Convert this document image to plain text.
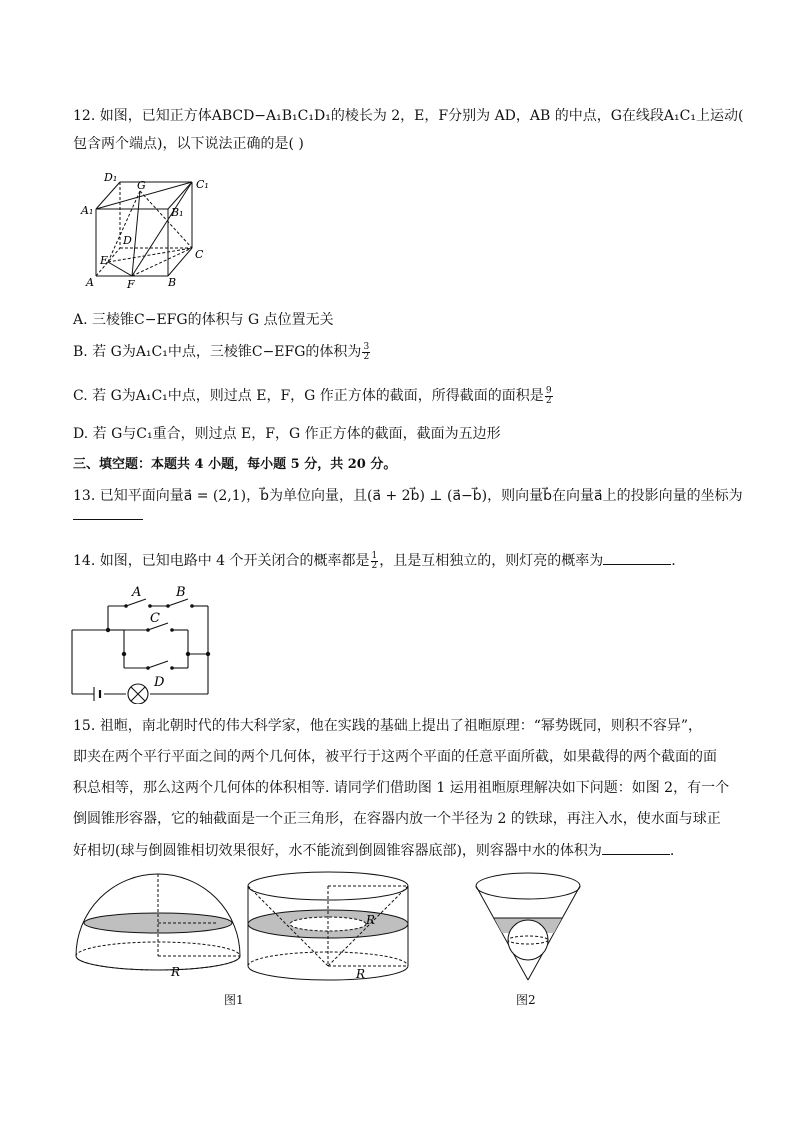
12. 如图，已知正方体ABCD−A₁B₁C₁D₁的棱长为 2，E，F分别为 AD，AB 的中点，G在线段A₁C₁上运动(
包含两个端点)，以下说法正确的是( )
D₁
G	C₁
A₁	B₁
D
C
E
A	F	B
A. 三棱锥C−EFG的体积与 G 点位置无关
B. 若 G为A₁C₁中点，三棱锥C−EFG的体积为 $\frac{3}{2}$
C. 若 G为A₁C₁中点，则过点 E，F，G 作正方体的截面，所得截面的面积是 $\frac{9}{2}$
D. 若 G与C₁重合，则过点 E，F，G 作正方体的截面，截面为五边形
三、填空题：本题共 4 小题，每小题 5 分，共 20 分。
13. 已知平面向量a⃗ = (2,1)，b⃗为单位向量，且(a⃗ + 2b⃗) ⊥ (a⃗−b⃗)，则向量b⃗在向量a⃗上的投影向量的坐标为
14. 如图，已知电路中 4 个开关闭合的概率都是 $\frac{1}{2}$ ，且是互相独立的，则灯亮的概率为	.
A	B
C
D
15. 祖暅，南北朝时代的伟大科学家，他在实践的基础上提出了祖暅原理：“幂势既同，则积不容异”，
即夹在两个平行平面之间的两个几何体，被平行于这两个平面的任意平面所截，如果截得的两个截面的面
积总相等，那么这两个几何体的体积相等. 请同学们借助图 1 运用祖暅原理解决如下问题：如图 2，有一个
倒圆锥形容器，它的轴截面是一个正三角形，在容器内放一个半径为 2 的铁球，再注入水，使水面与球正
好相切(球与倒圆锥相切效果很好，水不能流到倒圆锥容器底部)，则容器中水的体积为	.
R
R
R
图1	图2
